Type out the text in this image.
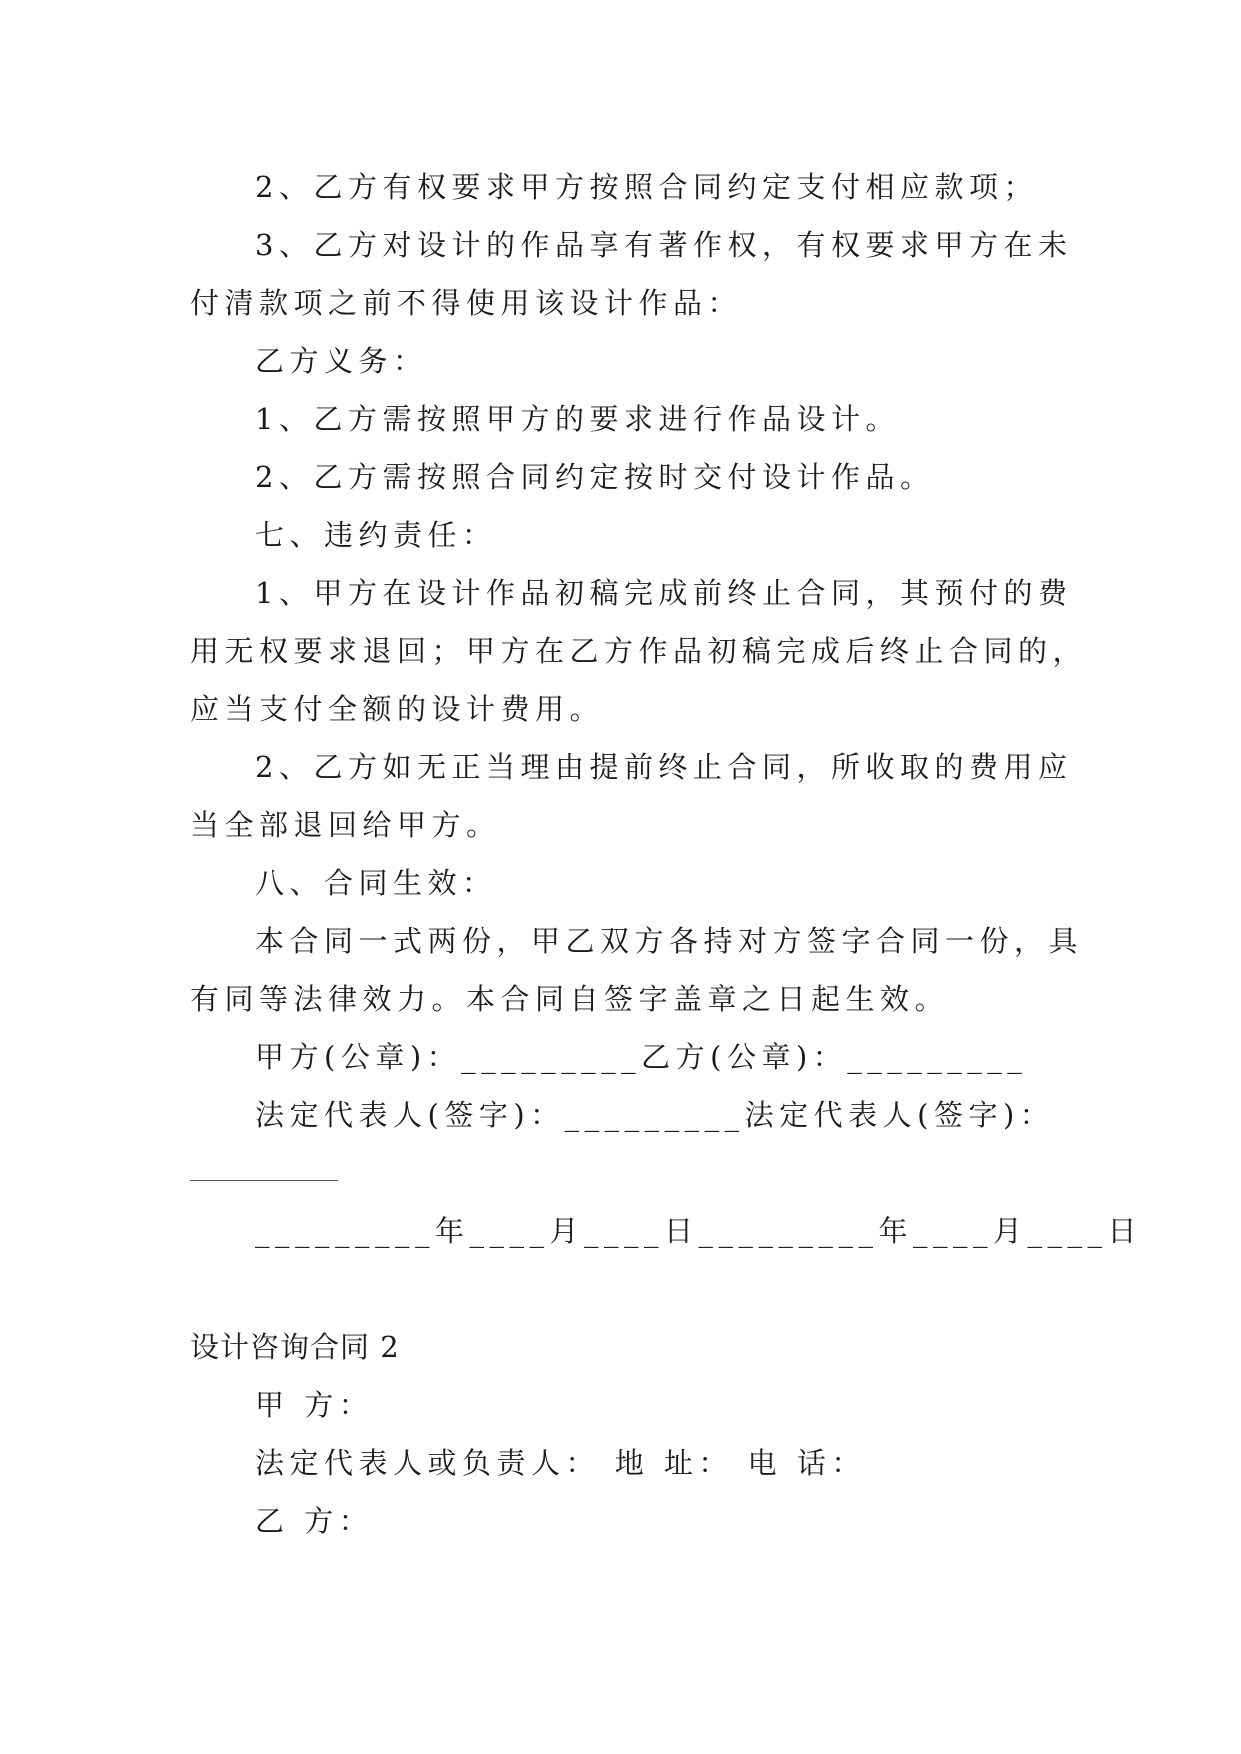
2、乙方有权要求甲方按照合同约定支付相应款项；

3、乙方对设计的作品享有著作权，有权要求甲方在未

付清款项之前不得使用该设计作品：

乙方义务：

1、乙方需按照甲方的要求进行作品设计。

2、乙方需按照合同约定按时交付设计作品。

七、违约责任：

1、甲方在设计作品初稿完成前终止合同，其预付的费

用无权要求退回；甲方在乙方作品初稿完成后终止合同的，

应当支付全额的设计费用。

2、乙方如无正当理由提前终止合同，所收取的费用应

当全部退回给甲方。

八、合同生效：

本合同一式两份，甲乙双方各持对方签字合同一份，具

有同等法律效力。本合同自签字盖章之日起生效。

甲方(公章)：_________乙方(公章)：_________

法定代表人(签字)：_________法定代表人(签字)：

_________年____月____日_________年____月____日

设计咨询合同 2

甲 方：

法定代表人或负责人： 地 址： 电 话：

乙 方：
